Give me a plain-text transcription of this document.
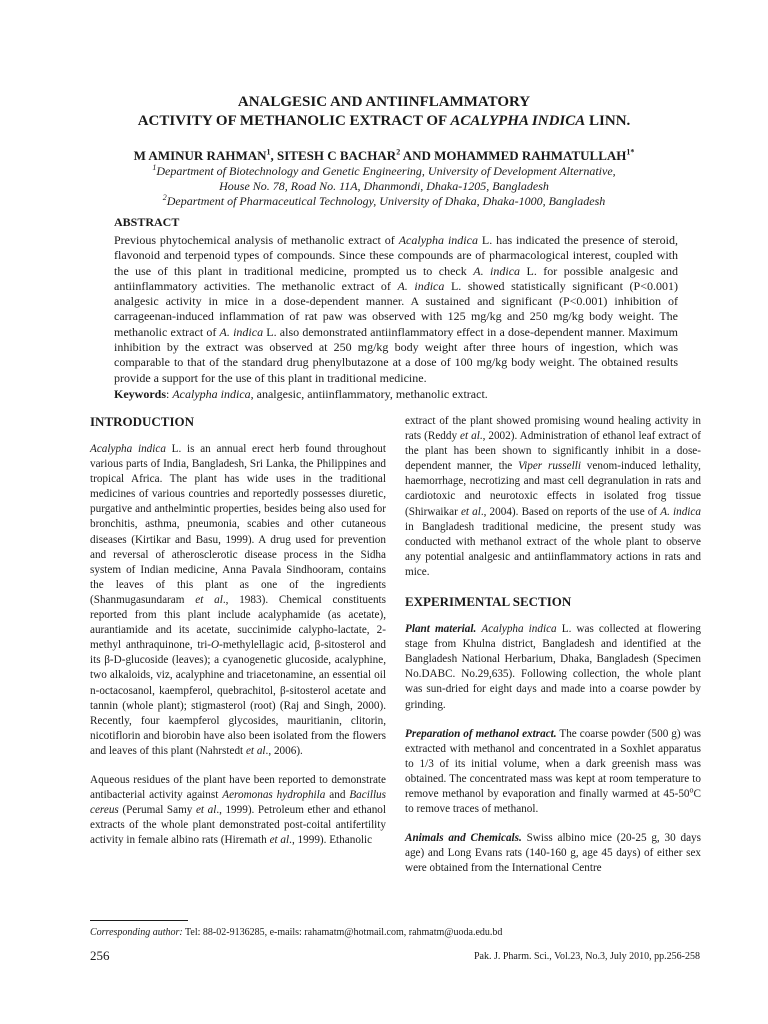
ANALGESIC AND ANTIINFLAMMATORY
ACTIVITY OF METHANOLIC EXTRACT OF ACALYPHA INDICA LINN.
M AMINUR RAHMAN$^1$, SITESH C BACHAR$^2$ AND MOHAMMED $RAHMATULLAH^{1*}$
$^1$Department of Biotechnology and Genetic Engineering, University of Development Alternative,
House No. 78, Road No. 11A, Dhanmondi, Dhaka-1205, Bangladesh
$^2$Department of Pharmaceutical Technology, University of Dhaka, Dhaka-1000, Bangladesh
ABSTRACT
Previous phytochemical analysis of methanolic extract of Acalypha indica L. has indicated the presence of steroid, flavonoid and terpenoid types of compounds. Since these compounds are of pharmacological interest, coupled with the use of this plant in traditional medicine, prompted us to check A. indica L. for possible analgesic and antiinflammatory activities. The methanolic extract of A. indica L. showed statistically significant (P<0.001) analgesic activity in mice in a dose-dependent manner. A sustained and significant (P<0.001) inhibition of carrageenan-induced inflammation of rat paw was observed with 125 mg/kg and 250 mg/kg body weight. The methanolic extract of A. indica L. also demonstrated antiinflammatory effect in a dose-dependent manner. Maximum inhibition by the extract was observed at 250 mg/kg body weight after three hours of ingestion, which was comparable to that of the standard drug phenylbutazone at a dose of 100 mg/kg body weight. The obtained results provide a support for the use of this plant in traditional medicine.
Keywords: Acalypha indica, analgesic, antiinflammatory, methanolic extract.
INTRODUCTION

Acalypha indica L. is an annual erect herb found throughout various parts of India, Bangladesh, Sri Lanka, the Philippines and tropical Africa. The plant has wide uses in the traditional medicines of various countries and reportedly possesses diuretic, purgative and anthelmintic properties, besides being also used for bronchitis, asthma, pneumonia, scabies and other cutaneous diseases (Kirtikar and Basu, 1999). A drug used for prevention and reversal of atherosclerotic disease process in the Sidha system of Indian medicine, Anna Pavala Sindhooram, contains the leaves of this plant as one of the ingredients (Shanmugasundaram et al., 1983). Chemical constituents reported from this plant include acalyphamide (as acetate), aurantiamide and its acetate, succinimide calypho-lactate, 2-methyl anthraquinone, tri-O-methylellagic acid, β-sitosterol and its β-D-glucoside (leaves); a cyanogenetic glucoside, acalyphine, two alkaloids, viz, acalyphine and triacetonamine, an essential oil n-octacosanol, kaempferol, quebrachitol, β-sitosterol acetate and tannin (whole plant); stigmasterol (root) (Raj and Singh, 2000). Recently, four kaempferol glycosides, mauritianin, clitorin, nicotiflorin and biorobin have also been isolated from the flowers and leaves of this plant (Nahrstedt et al., 2006).

Aqueous residues of the plant have been reported to demonstrate antibacterial activity against Aeromonas hydrophila and Bacillus cereus (Perumal Samy et al., 1999). Petroleum ether and ethanol extracts of the whole plant demonstrated post-coital antifertility activity in female albino rats (Hiremath et al., 1999). Ethanolic

extract of the plant showed promising wound healing activity in rats (Reddy et al., 2002). Administration of ethanol leaf extract of the plant has been shown to significantly inhibit in a dose-dependent manner, the Viper russelli venom-induced lethality, haemorrhage, necrotizing and mast cell degranulation in rats and cardiotoxic and neurotoxic effects in isolated frog tissue (Shirwaikar et al., 2004). Based on reports of the use of A. indica in Bangladesh traditional medicine, the present study was conducted with methanol extract of the whole plant to observe any potential analgesic and antiinflammatory actions in rats and mice.

EXPERIMENTAL SECTION

Plant material. Acalypha indica L. was collected at flowering stage from Khulna district, Bangladesh and identified at the Bangladesh National Herbarium, Dhaka, Bangladesh (Specimen No.DABC. No.29,635). Following collection, the whole plant was sun-dried for eight days and made into a coarse powder by grinding.

Preparation of methanol extract. The coarse powder (500 g) was extracted with methanol and concentrated in a Soxhlet apparatus to 1/3 of its initial volume, when a dark greenish mass was obtained. The concentrated mass was kept at room temperature to remove methanol by evaporation and finally warmed at 45-50$^o$C to remove traces of methanol.

Animals and Chemicals. Swiss albino mice (20-25 g, 30 days age) and Long Evans rats (140-160 g, age 45 days) of either sex were obtained from the International Centre

Corresponding author: Tel: 88-02-9136285, e-mails: rahamatm@hotmail.com, rahmatm@uoda.edu.bd
256	Pak. J. Pharm. Sci., Vol.23, No.3, July 2010, pp.256-258
